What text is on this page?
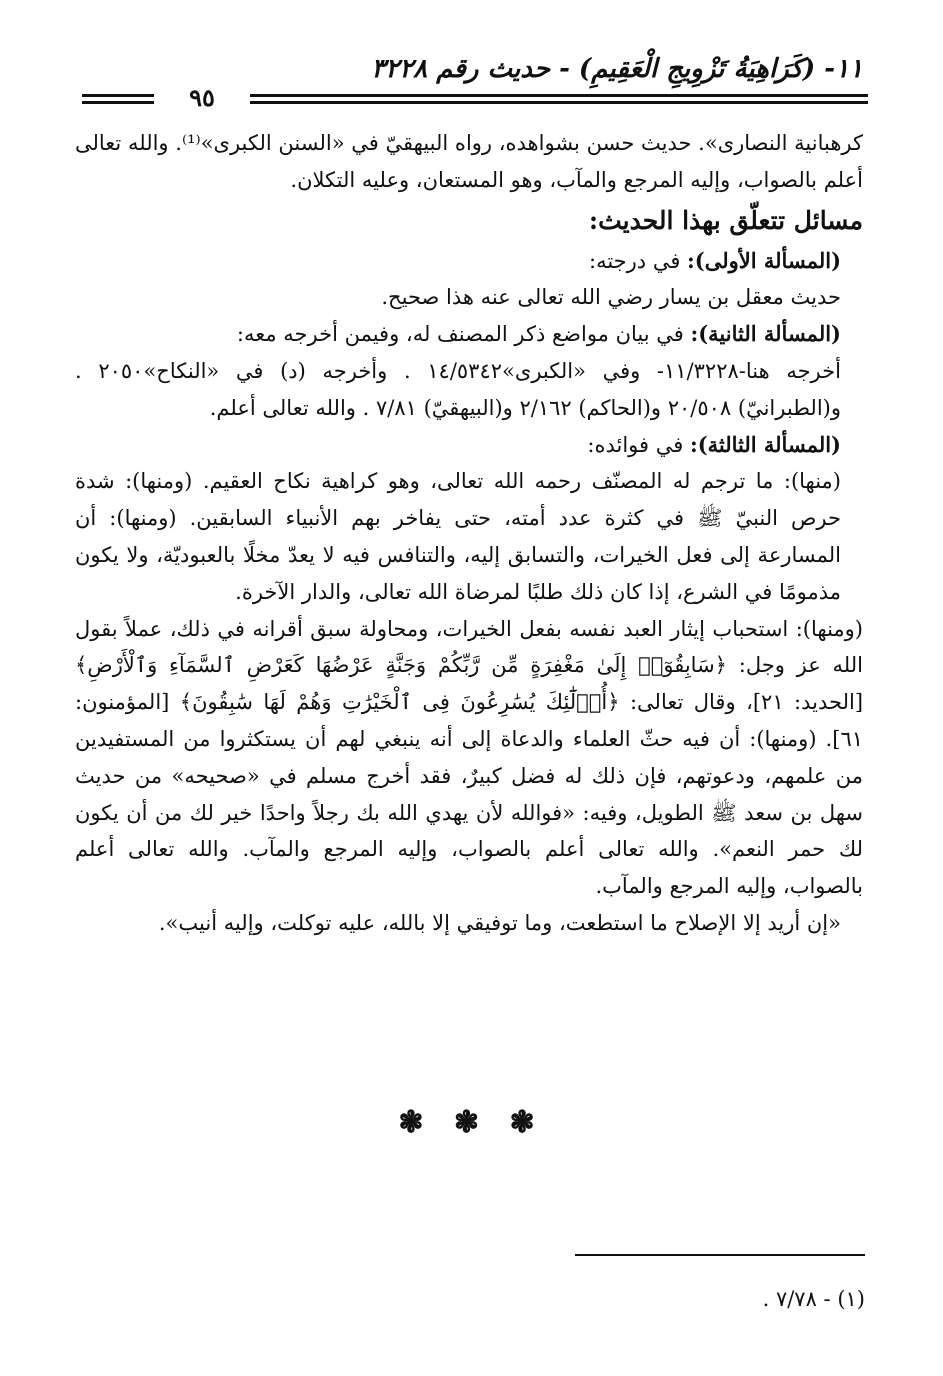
١١- (كَرَاهِيَةُ تَزْوِيجِ الْعَقِيمِ) - حديث رقم ٣٢٢٨
٩٥

كرهبانية النصارى». حديث حسن بشواهده، رواه البيهقيّ في «السنن الكبرى»⁽¹⁾. والله تعالى أعلم بالصواب، وإليه المرجع والمآب، وهو المستعان، وعليه التكلان.

مسائل تتعلّق بهذا الحديث:

(المسألة الأولى): في درجته:

حديث معقل بن يسار رضي الله تعالى عنه هذا صحيح.

(المسألة الثانية): في بيان مواضع ذكر المصنف له، وفيمن أخرجه معه:

أخرجه هنا-١١/٣٢٢٨- وفي «الكبرى»١٤/٥٣٤٢ . وأخرجه (د) في «النكاح»٢٠٥٠ . و(الطبرانيّ) ٢٠/٥٠٨ و(الحاكم) ٢/١٦٢ و(البيهقيّ) ٧/٨١ . والله تعالى أعلم.

(المسألة الثالثة): في فوائده:

(منها): ما ترجم له المصنّف رحمه الله تعالى، وهو كراهية نكاح العقيم. (ومنها): شدة حرص النبيّ ﷺ في كثرة عدد أمته، حتى يفاخر بهم الأنبياء السابقين. (ومنها): أن المسارعة إلى فعل الخيرات، والتسابق إليه، والتنافس فيه لا يعدّ مخلًا بالعبوديّة، ولا يكون مذمومًا في الشرع، إذا كان ذلك طلبًا لمرضاة الله تعالى، والدار الآخرة.

(ومنها): استحباب إيثار العبد نفسه بفعل الخيرات، ومحاولة سبق أقرانه في ذلك، عملاً بقول الله عز وجل: ﴿سَابِقُوٓا۟ إِلَىٰ مَغْفِرَةٍ مِّن رَّبِّكُمْ وَجَنَّةٍ عَرْضُهَا كَعَرْضِ ٱلسَّمَآءِ وَٱلْأَرْضِ﴾ [الحديد: ٢١]، وقال تعالى: ﴿أُو۟لَٰٓئِكَ يُسَٰرِعُونَ فِى ٱلْخَيْرَٰتِ وَهُمْ لَهَا سَٰبِقُونَ﴾ [المؤمنون: ٦١]. (ومنها): أن فيه حثّ العلماء والدعاة إلى أنه ينبغي لهم أن يستكثروا من المستفيدين من علمهم، ودعوتهم، فإن ذلك له فضل كبيرٌ، فقد أخرج مسلم في «صحيحه» من حديث سهل بن سعد ﷺ الطويل، وفيه: «فوالله لأن يهدي الله بك رجلاً واحدًا خير لك من أن يكون لك حمر النعم». والله تعالى أعلم بالصواب، وإليه المرجع والمآب. والله تعالى أعلم بالصواب، وإليه المرجع والمآب.

«إن أريد إلا الإصلاح ما استطعت، وما توفيقي إلا بالله، عليه توكلت، وإليه أنيب».

❃ ❃ ❃
(١) - ٧/٧٨ .
